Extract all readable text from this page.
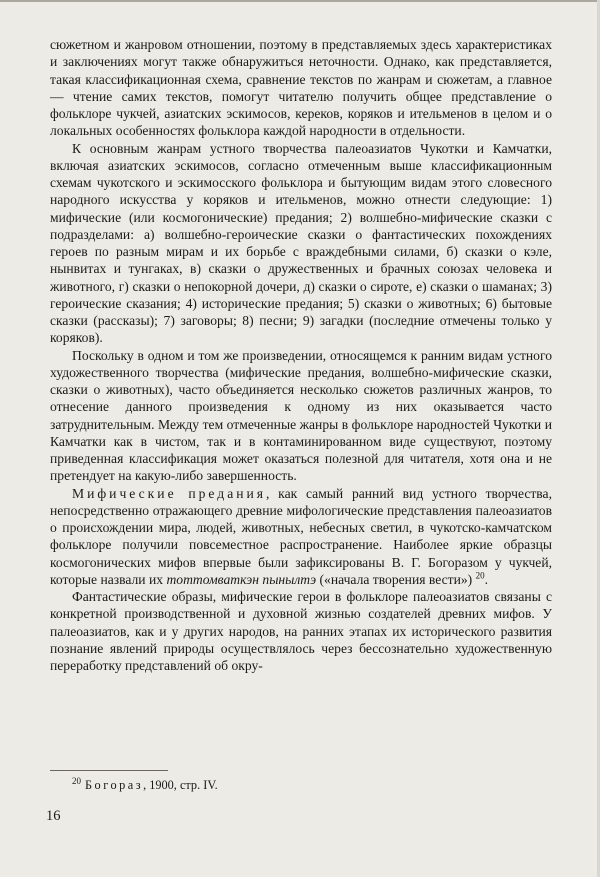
сюжетном и жанровом отношении, поэтому в представляемых здесь характеристиках и заключениях могут также обнаружиться неточности. Однако, как представляется, такая классификационная схема, сравнение текстов по жанрам и сюжетам, а главное — чтение самих текстов, помогут читателю получить общее представление о фольклоре чукчей, азиатских эскимосов, кереков, коряков и ительменов в целом и о локальных особенностях фольклора каждой народности в отдельности.

К основным жанрам устного творчества палеоазиатов Чукотки и Камчатки, включая азиатских эскимосов, согласно отмеченным выше классификационным схемам чукотского и эскимосского фольклора и бытующим видам этого словесного народного искусства у коряков и ительменов, можно отнести следующие: 1) мифические (или космогонические) предания; 2) волшебно-мифические сказки с подразделами: а) волшебно-героические сказки о фантастических похождениях героев по разным мирам и их борьбе с враждебными силами, б) сказки о кэле, нынвитах и тунгаках, в) сказки о дружественных и брачных союзах человека и животного, г) сказки о непокорной дочери, д) сказки о сироте, е) сказки о шаманах; 3) героические сказания; 4) исторические предания; 5) сказки о животных; 6) бытовые сказки (рассказы); 7) заговоры; 8) песни; 9) загадки (последние отмечены только у коряков).

Поскольку в одном и том же произведении, относящемся к ранним видам устного художественного творчества (мифические предания, волшебно-мифические сказки, сказки о животных), часто объединяется несколько сюжетов различных жанров, то отнесение данного произведения к одному из них оказывается часто затруднительным. Между тем отмеченные жанры в фольклоре народностей Чукотки и Камчатки как в чистом, так и в контаминированном виде существуют, поэтому приведенная классификация может оказаться полезной для читателя, хотя она и не претендует на какую-либо завершенность.

Мифические предания, как самый ранний вид устного творчества, непосредственно отражающего древние мифологические представления палеоазиатов о происхождении мира, людей, животных, небесных светил, в чукотско-камчатском фольклоре получили повсеместное распространение. Наиболее яркие образцы космогонических мифов впервые были зафиксированы В. Г. Богоразом у чукчей, которые назвали их тоттомваткэн пынылтэ («начала творения вести») $^{20}$.

Фантастические образы, мифические герои в фольклоре палеоазиатов связаны с конкретной производственной и духовной жизнью создателей древних мифов. У палеоазиатов, как и у других народов, на ранних этапах их исторического развития познание явлений природы осуществлялось через бессознательно художественную переработку представлений об окру-

$^{20}$ Богораз, 1900, стр. IV.

16
